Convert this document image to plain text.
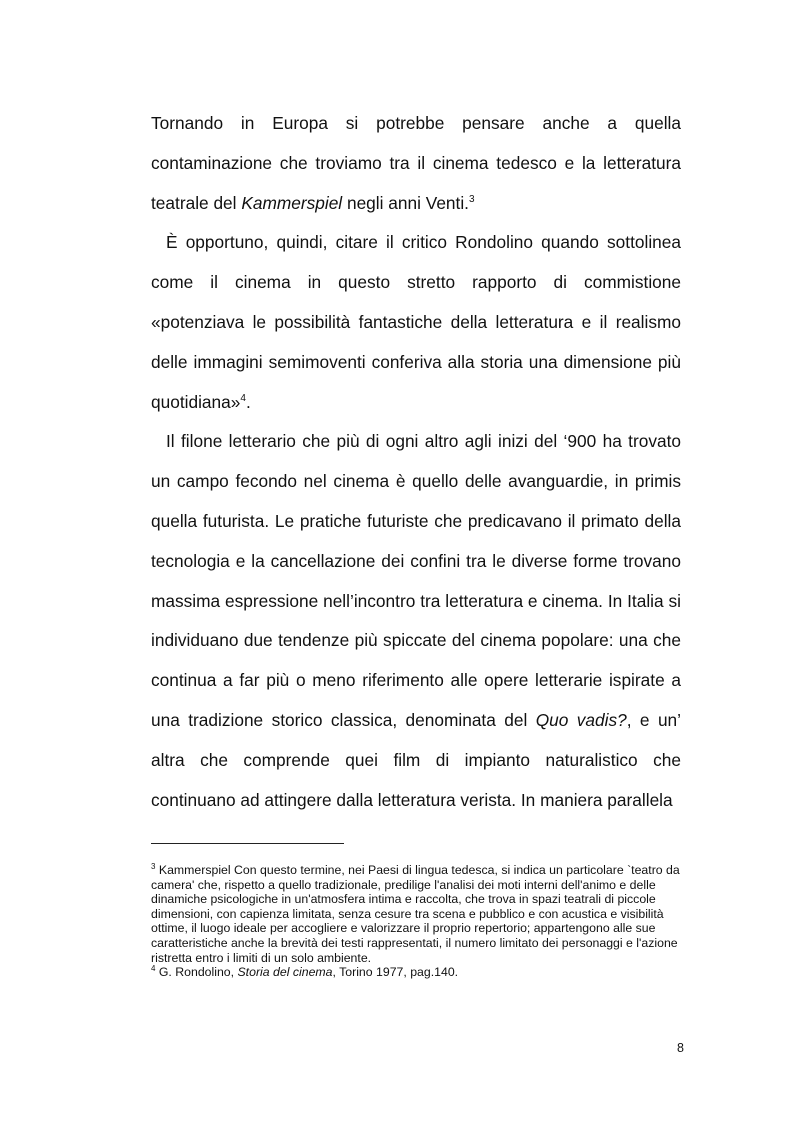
Tornando in Europa si potrebbe pensare anche a quella contaminazione che troviamo tra il cinema tedesco e la letteratura teatrale del Kammerspiel negli anni Venti.$^3$

È opportuno, quindi, citare il critico Rondolino quando sottolinea come il cinema in questo stretto rapporto di commistione «potenziava le possibilità fantastiche della letteratura e il realismo delle immagini semimoventi conferiva alla storia una dimensione più quotidiana»$^4$.

Il filone letterario che più di ogni altro agli inizi del ‘900 ha trovato un campo fecondo nel cinema è quello delle avanguardie, in primis quella futurista. Le pratiche futuriste che predicavano il primato della tecnologia e la cancellazione dei confini tra le diverse forme trovano massima espressione nell’incontro tra letteratura e cinema. In Italia si individuano due tendenze più spiccate del cinema popolare: una che continua a far più o meno riferimento alle opere letterarie ispirate a una tradizione storico classica, denominata del Quo vadis?, e un’ altra che comprende quei film di impianto naturalistico che continuano ad attingere dalla letteratura verista. In maniera parallela

$^3$ Kammerspiel Con questo termine, nei Paesi di lingua tedesca, si indica un particolare `teatro da camera' che, rispetto a quello tradizionale, predilige l'analisi dei moti interni dell'animo e delle dinamiche psicologiche in un'atmosfera intima e raccolta, che trova in spazi teatrali di piccole dimensioni, con capienza limitata, senza cesure tra scena e pubblico e con acustica e visibilità ottime, il luogo ideale per accogliere e valorizzare il proprio repertorio; appartengono alle sue caratteristiche anche la brevità dei testi rappresentati, il numero limitato dei personaggi e l'azione ristretta entro i limiti di un solo ambiente.

$^4$ G. Rondolino, Storia del cinema, Torino 1977, pag.140.

8
